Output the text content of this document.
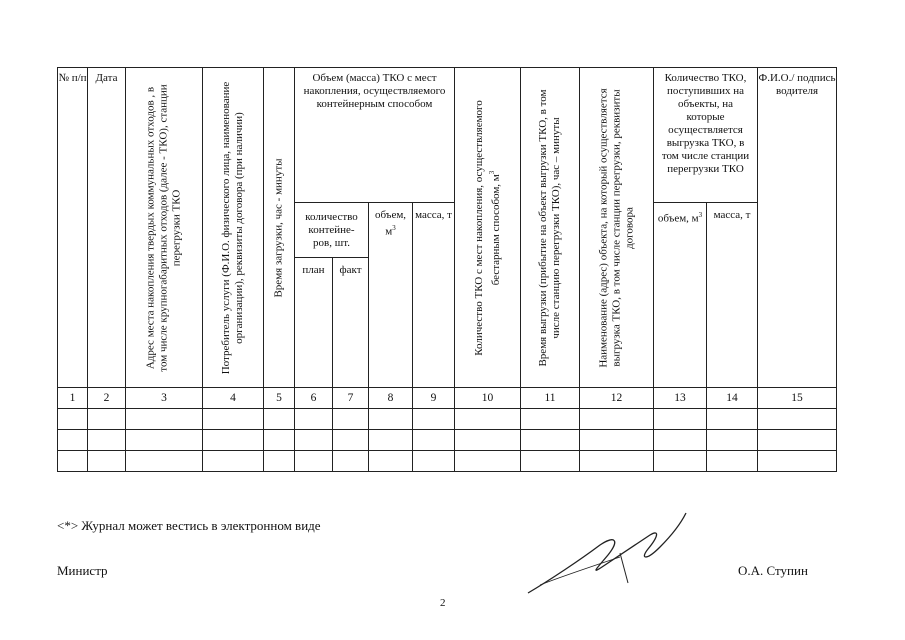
№ п/п	Дата	Адрес места накопления твердых коммунальных отходов , в том числе крупногабаритных отходов (далее - ТКО), станции перегрузки ТКО	Потребитель услуги (Ф.И.О. физического лица, наименование организации), реквизиты договора (при наличии)	Время загрузки, час - минуты	Объем (масса) ТКО с мест накопления, осуществляемого контейнерным способом				Количество ТКО с мест накопления, осуществляемого бестарным способом, $м^3$	Время выгрузки (прибытие на объект выгрузки ТКО, в том числе станцию перегрузки ТКО), час – минуты	Наименование (адрес) объекта, на который осуществляется выгрузка ТКО, в том числе станции перегрузки, реквизиты договора	Количество ТКО, поступивших на объекты, на которые осуществляется выгрузка ТКО, в том числе станции перегрузки ТКО		Ф.И.О./ подпись водителя
					количество контейне-ров, шт.		объем, $м^3$	масса, т				объем, $м^3$	масса, т	
					план	факт								
1	2	3	4	5	6	7	8	9	10	11	12	13	14	15

<*> Журнал может вестись в электронном виде
Министр	О.А. Ступин
2
